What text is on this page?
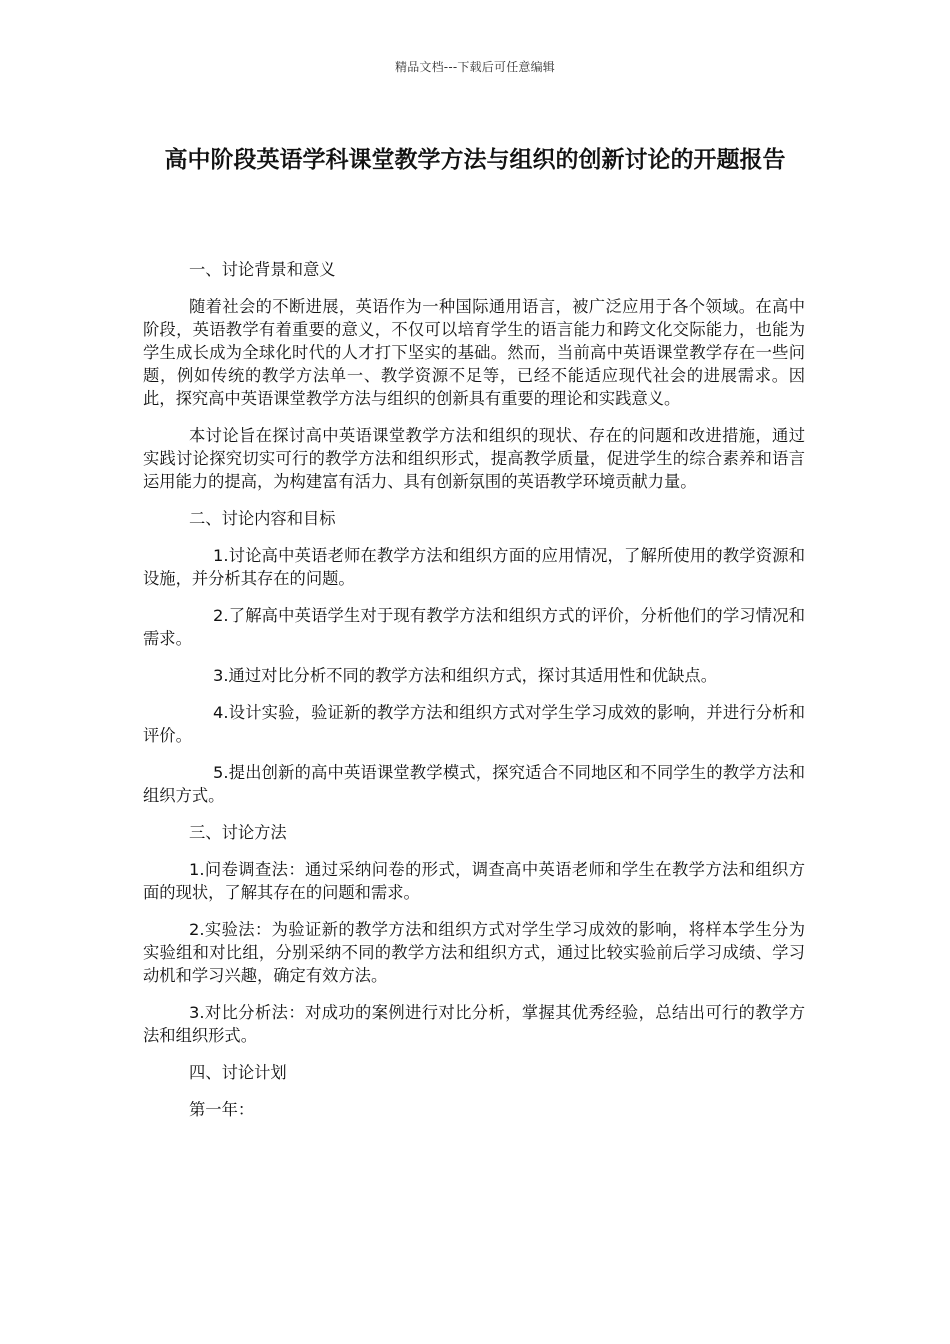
精品文档---下载后可任意编辑
高中阶段英语学科课堂教学方法与组织的创新讨论的开题报告

一、讨论背景和意义

随着社会的不断进展，英语作为一种国际通用语言，被广泛应用于各个领域。在高中阶段，英语教学有着重要的意义，不仅可以培育学生的语言能力和跨文化交际能力，也能为学生成长成为全球化时代的人才打下坚实的基础。然而，当前高中英语课堂教学存在一些问题，例如传统的教学方法单一、教学资源不足等，已经不能适应现代社会的进展需求。因此，探究高中英语课堂教学方法与组织的创新具有重要的理论和实践意义。

本讨论旨在探讨高中英语课堂教学方法和组织的现状、存在的问题和改进措施，通过实践讨论探究切实可行的教学方法和组织形式，提高教学质量，促进学生的综合素养和语言运用能力的提高，为构建富有活力、具有创新氛围的英语教学环境贡献力量。

二、讨论内容和目标

1.讨论高中英语老师在教学方法和组织方面的应用情况，了解所使用的教学资源和设施，并分析其存在的问题。

2.了解高中英语学生对于现有教学方法和组织方式的评价，分析他们的学习情况和需求。

3.通过对比分析不同的教学方法和组织方式，探讨其适用性和优缺点。

4.设计实验，验证新的教学方法和组织方式对学生学习成效的影响，并进行分析和评价。

5.提出创新的高中英语课堂教学模式，探究适合不同地区和不同学生的教学方法和组织方式。

三、讨论方法

1.问卷调查法：通过采纳问卷的形式，调查高中英语老师和学生在教学方法和组织方面的现状，了解其存在的问题和需求。

2.实验法：为验证新的教学方法和组织方式对学生学习成效的影响，将样本学生分为实验组和对比组，分别采纳不同的教学方法和组织方式，通过比较实验前后学习成绩、学习动机和学习兴趣，确定有效方法。

3.对比分析法：对成功的案例进行对比分析，掌握其优秀经验，总结出可行的教学方法和组织形式。

四、讨论计划

第一年：
